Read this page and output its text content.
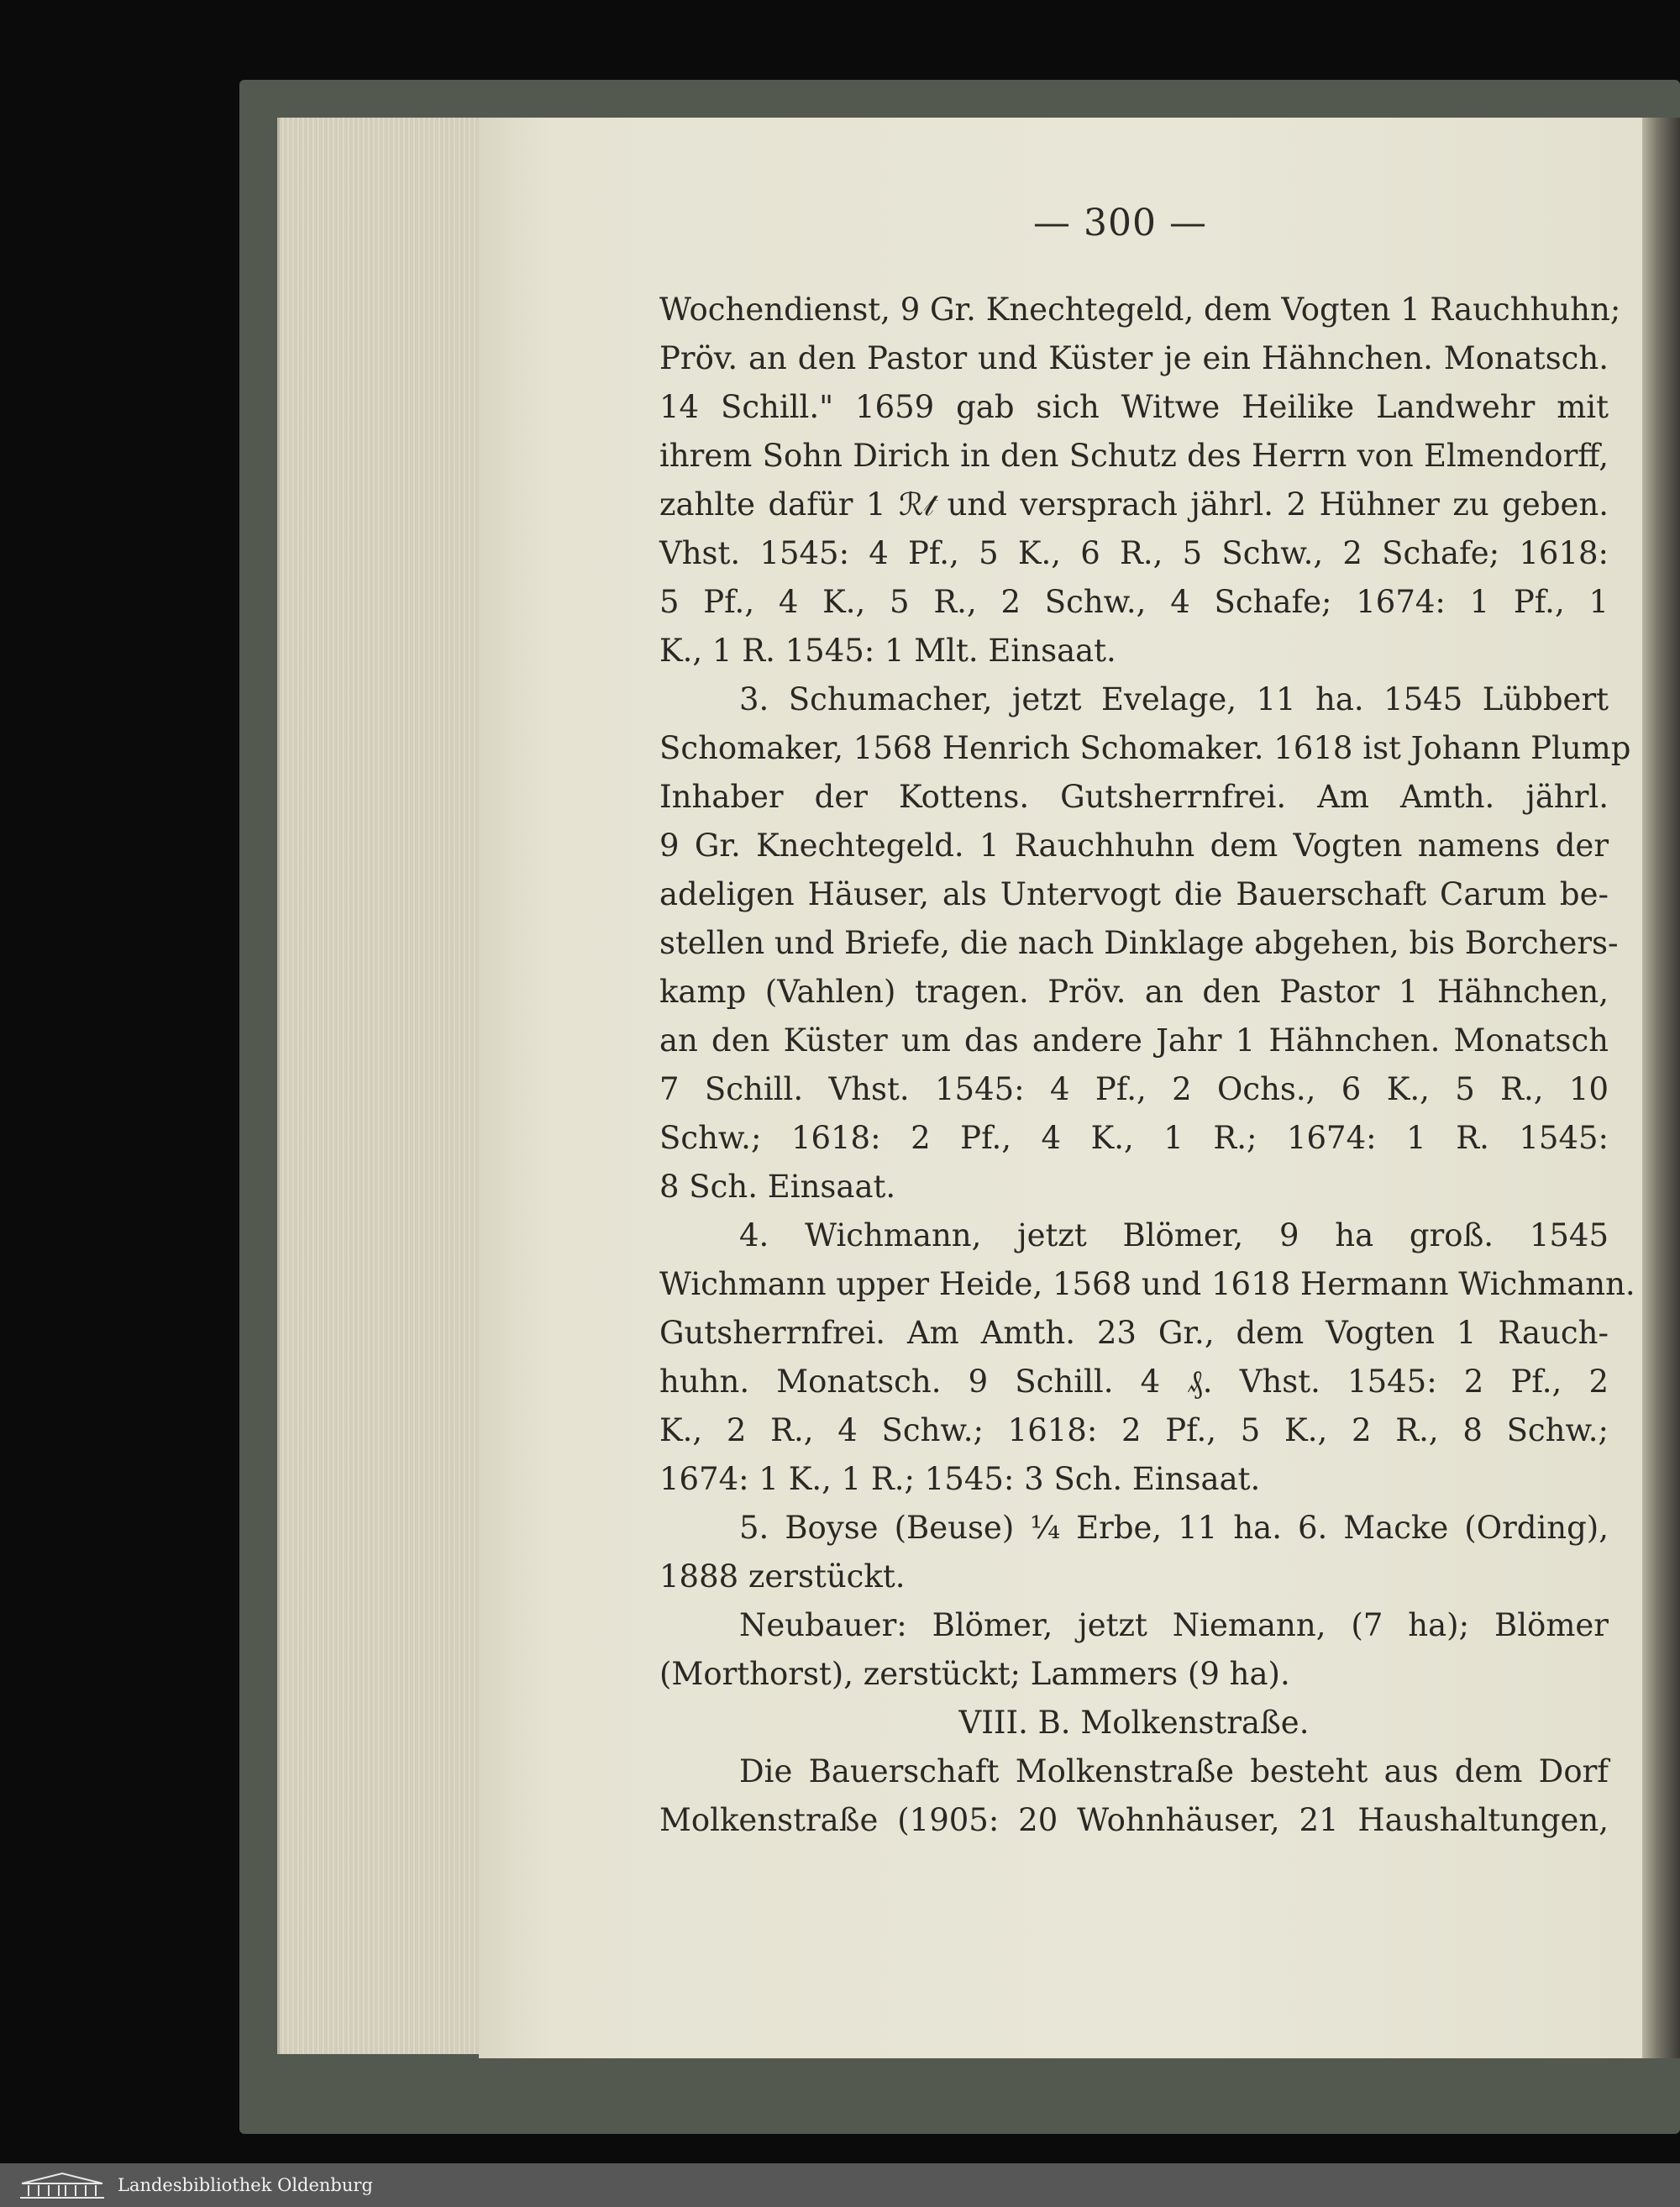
— 300 —
Wochendienst, 9 Gr. Knechtegeld, dem Vogten 1 Rauchhuhn;
Pröv. an den Pastor und Küster je ein Hähnchen. Monatsch.
14 Schill." 1659 gab sich Witwe Heilike Landwehr mit
ihrem Sohn Dirich in den Schutz des Herrn von Elmendorff,
zahlte dafür 1 ℛ𝓉 und versprach jährl. 2 Hühner zu geben.
Vhst. 1545: 4 Pf., 5 K., 6 R., 5 Schw., 2 Schafe; 1618:
5 Pf., 4 K., 5 R., 2 Schw., 4 Schafe; 1674: 1 Pf., 1
K., 1 R. 1545: 1 Mlt. Einsaat.
3. Schumacher, jetzt Evelage, 11 ha. 1545 Lübbert
Schomaker, 1568 Henrich Schomaker. 1618 ist Johann Plump
Inhaber der Kottens. Gutsherrnfrei. Am Amth. jährl.
9 Gr. Knechtegeld. 1 Rauchhuhn dem Vogten namens der
adeligen Häuser, als Untervogt die Bauerschaft Carum be-
stellen und Briefe, die nach Dinklage abgehen, bis Borchers-
kamp (Vahlen) tragen. Pröv. an den Pastor 1 Hähnchen,
an den Küster um das andere Jahr 1 Hähnchen. Monatsch
7 Schill. Vhst. 1545: 4 Pf., 2 Ochs., 6 K., 5 R., 10
Schw.; 1618: 2 Pf., 4 K., 1 R.; 1674: 1 R. 1545:
8 Sch. Einsaat.
4. Wichmann, jetzt Blömer, 9 ha groß. 1545
Wichmann upper Heide, 1568 und 1618 Hermann Wichmann.
Gutsherrnfrei. Am Amth. 23 Gr., dem Vogten 1 Rauch-
huhn. Monatsch. 9 Schill. 4 ₰. Vhst. 1545: 2 Pf., 2
K., 2 R., 4 Schw.; 1618: 2 Pf., 5 K., 2 R., 8 Schw.;
1674: 1 K., 1 R.; 1545: 3 Sch. Einsaat.
5. Boyse (Beuse) ¼ Erbe, 11 ha. 6. Macke (Ording),
1888 zerstückt.
Neubauer: Blömer, jetzt Niemann, (7 ha); Blömer
(Morthorst), zerstückt; Lammers (9 ha).
VIII. B. Molkenstraße.
Die Bauerschaft Molkenstraße besteht aus dem Dorf
Molkenstraße (1905: 20 Wohnhäuser, 21 Haushaltungen,
Landesbibliothek Oldenburg
